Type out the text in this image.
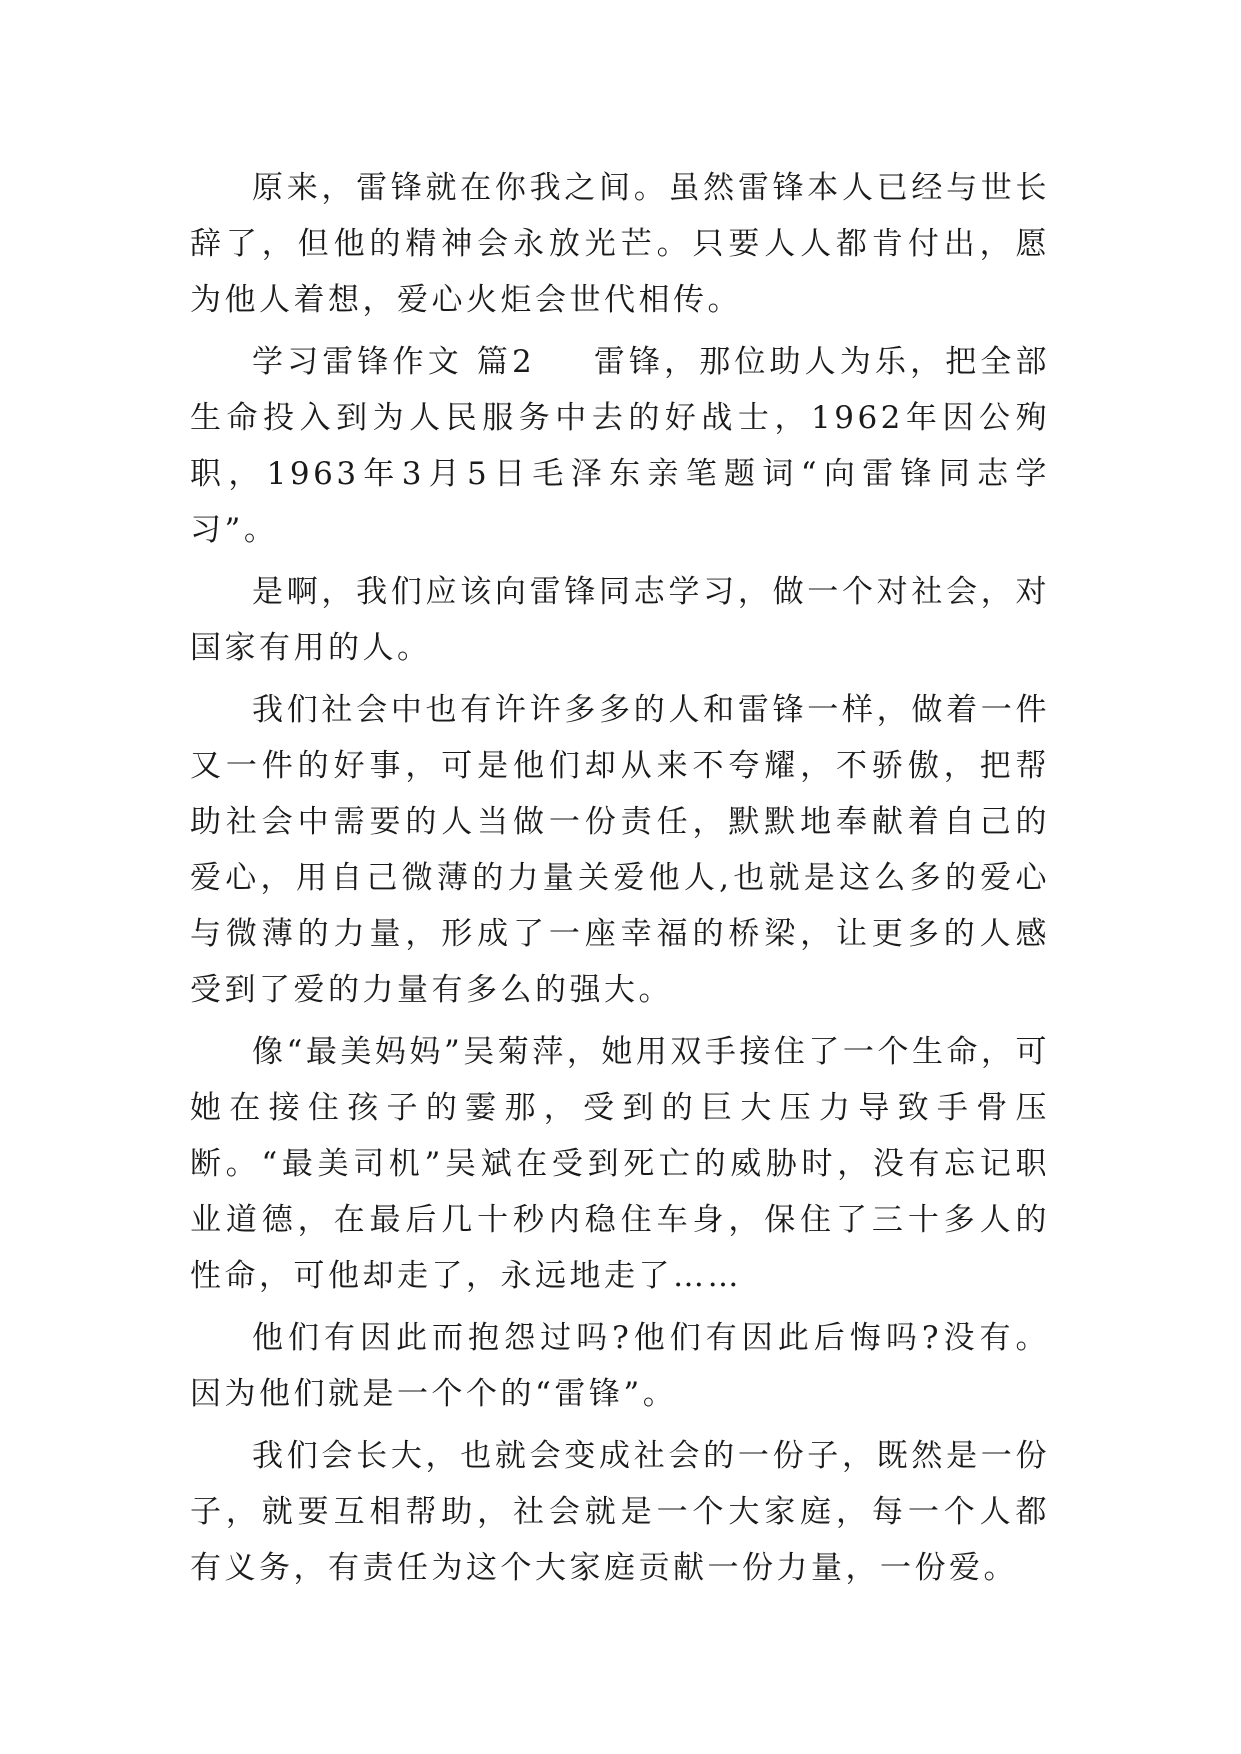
原来，雷锋就在你我之间。虽然雷锋本人已经与世长辞了，但他的精神会永放光芒。只要人人都肯付出，愿为他人着想，爱心火炬会世代相传。

学习雷锋作文 篇2 雷锋，那位助人为乐，把全部生命投入到为人民服务中去的好战士，1962年因公殉职，1963年3月5日毛泽东亲笔题词“向雷锋同志学习”。

是啊，我们应该向雷锋同志学习，做一个对社会，对国家有用的人。

我们社会中也有许许多多的人和雷锋一样，做着一件又一件的好事，可是他们却从来不夸耀，不骄傲，把帮助社会中需要的人当做一份责任，默默地奉献着自己的爱心，用自己微薄的力量关爱他人,也就是这么多的爱心与微薄的力量，形成了一座幸福的桥梁，让更多的人感受到了爱的力量有多么的强大。

像“最美妈妈”吴菊萍，她用双手接住了一个生命，可她在接住孩子的霎那，受到的巨大压力导致手骨压断。“最美司机”吴斌在受到死亡的威胁时，没有忘记职业道德，在最后几十秒内稳住车身，保住了三十多人的性命，可他却走了，永远地走了……

他们有因此而抱怨过吗?他们有因此后悔吗?没有。因为他们就是一个个的“雷锋”。

我们会长大，也就会变成社会的一份子，既然是一份子，就要互相帮助，社会就是一个大家庭，每一个人都有义务，有责任为这个大家庭贡献一份力量，一份爱。
